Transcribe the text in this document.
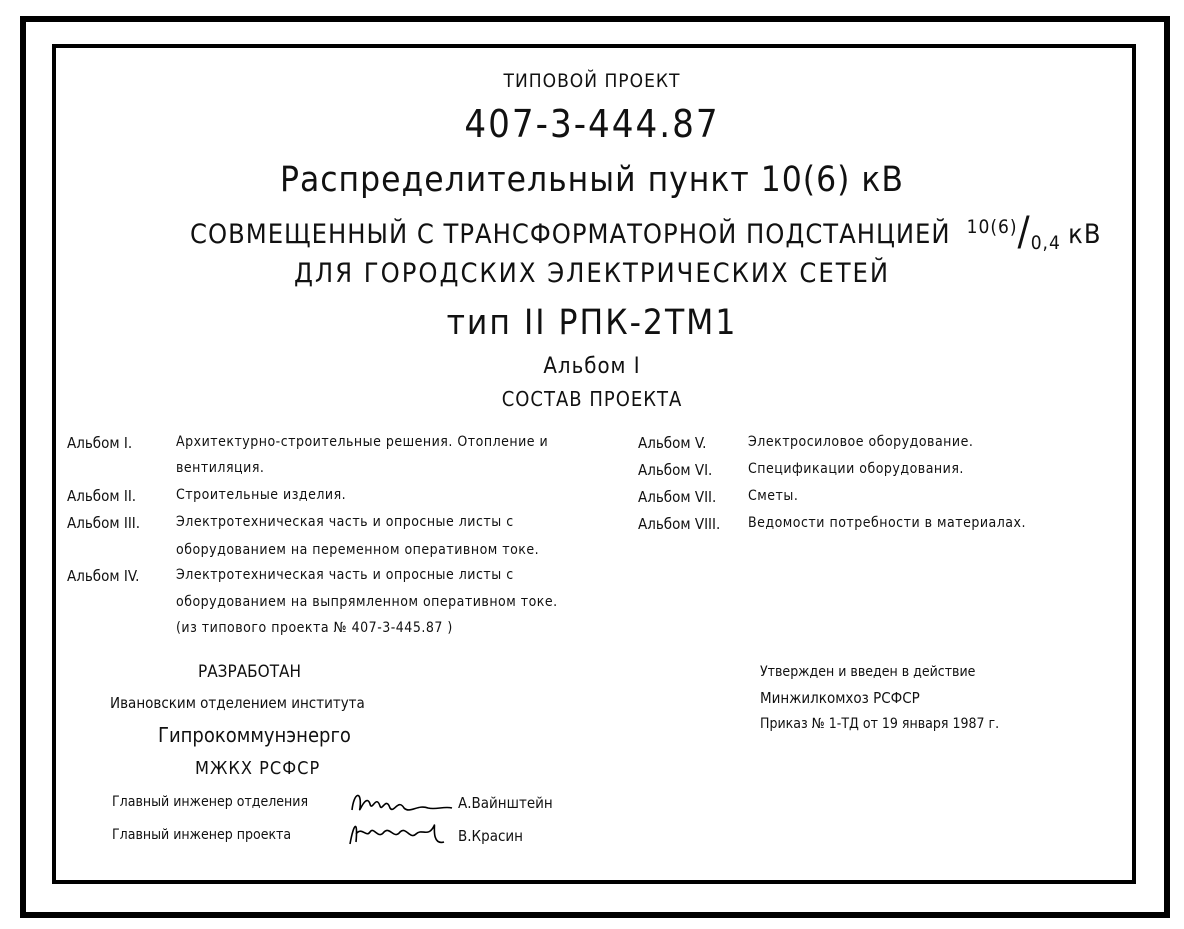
ТИПОВОЙ ПРОЕКТ
407-3-444.87
Распределительный пункт 10(6) кВ
СОВМЕЩЕННЫЙ С ТРАНСФОРМАТОРНОЙ ПОДСТАНЦИЕЙ 10(6)/0,4 кВ
ДЛЯ ГОРОДСКИХ ЭЛЕКТРИЧЕСКИХ СЕТЕЙ
тип II РПК-2ТМ1
Альбом I
СОСТАВ ПРОЕКТА
Альбом I.	Архитектурно-строительные решения. Отопление и
вентиляция.
Альбом II.	Строительные изделия.
Альбом III.	Электротехническая часть и опросные листы с
оборудованием на переменном оперативном токе.
Альбом IV.	Электротехническая часть и опросные листы с
оборудованием на выпрямленном оперативном токе.
(из типового проекта № 407-3-445.87 )
Альбом V.	Электросиловое оборудование.
Альбом VI.	Спецификации оборудования.
Альбом VII. Сметы.
Альбом VIII. Ведомости потребности в материалах.
РАЗРАБОТАН
Ивановским отделением института
Гипрокоммунэнерго
МЖКХ РСФСР
Главный инженер отделения	А.Вайнштейн
Главный инженер проекта	В.Красин
Утвержден и введен в действие
Минжилкомхоз РСФСР
Приказ № 1-ТД от 19 января 1987 г.
